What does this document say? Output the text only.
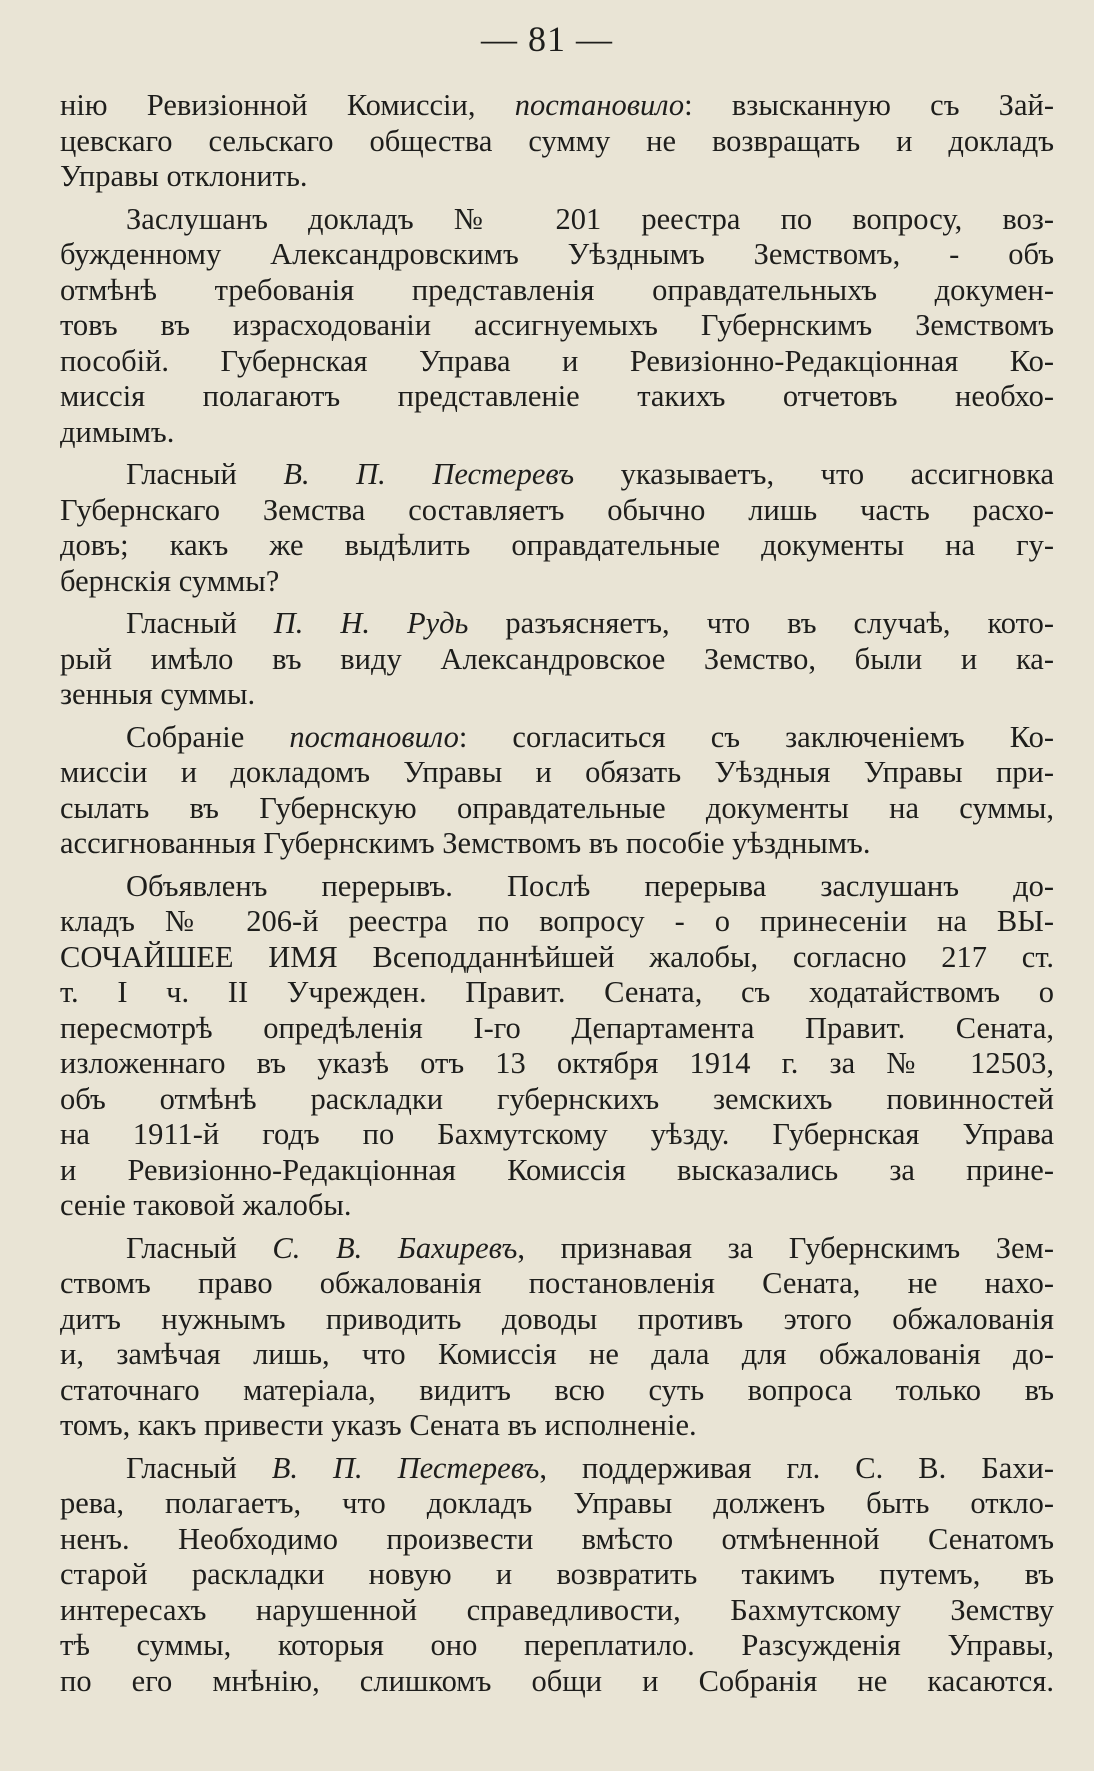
— 81 —
нiю Ревизiонной Комиссiи, постановило: взысканную съ Зай-
цевскаго сельскаго общества сумму не возвращать и докладъ
Управы отклонить.
Заслушанъ докладъ № 201 реестра по вопросу, воз-
бужденному Александровскимъ Уѣзднымъ Земствомъ, - объ
отмѣнѣ требованiя представленiя оправдательныхъ докумен-
товъ въ израсходованiи ассигнуемыхъ Губернскимъ Земствомъ
пособiй. Губернская Управа и Ревизiонно-Редакцiонная Ко-
миссiя полагаютъ представленiе такихъ отчетовъ необхо-
димымъ.
Гласный В. П. Пестеревъ указываетъ, что ассигновка
Губернскаго Земства составляетъ обычно лишь часть расхо-
довъ; какъ же выдѣлить оправдательные документы на гу-
бернскiя суммы?
Гласный П. Н. Рудь разъясняетъ, что въ случаѣ, кото-
рый имѣло въ виду Александровское Земство, были и ка-
зенныя суммы.
Собранiе постановило: согласиться съ заключенiемъ Ко-
миссiи и докладомъ Управы и обязать Уѣздныя Управы при-
сылать въ Губернскую оправдательные документы на суммы,
ассигнованныя Губернскимъ Земствомъ въ пособiе уѣзднымъ.
Объявленъ перерывъ. Послѣ перерыва заслушанъ до-
кладъ № 206-й реестра по вопросу - о принесенiи на ВЫ-
СОЧАЙШЕЕ ИМЯ Всеподданнѣйшей жалобы, согласно 217 ст.
т. I ч. II Учрежден. Правит. Сената, съ ходатайствомъ о
пересмотрѣ опредѣленiя I-го Департамента Правит. Сената,
изложеннаго въ указѣ отъ 13 октября 1914 г. за № 12503,
объ отмѣнѣ раскладки губернскихъ земскихъ повинностей
на 1911-й годъ по Бахмутскому уѣзду. Губернская Управа
и Ревизiонно-Редакцiонная Комиссiя высказались за прине-
сенiе таковой жалобы.
Гласный С. В. Бахиревъ, признавая за Губернскимъ Зем-
ствомъ право обжалованiя постановленiя Сената, не нахо-
дитъ нужнымъ приводить доводы противъ этого обжалованiя
и, замѣчая лишь, что Комиссiя не дала для обжалованiя до-
статочнаго матерiала, видитъ всю суть вопроса только въ
томъ, какъ привести указъ Сената въ исполненiе.
Гласный В. П. Пестеревъ, поддерживая гл. С. В. Бахи-
рева, полагаетъ, что докладъ Управы долженъ быть откло-
ненъ. Необходимо произвести вмѣсто отмѣненной Сенатомъ
старой раскладки новую и возвратить такимъ путемъ, въ
интересахъ нарушенной справедливости, Бахмутскому Земству
тѣ суммы, которыя оно переплатило. Разсужденiя Управы,
по его мнѣнiю, слишкомъ общи и Собранiя не касаются.
